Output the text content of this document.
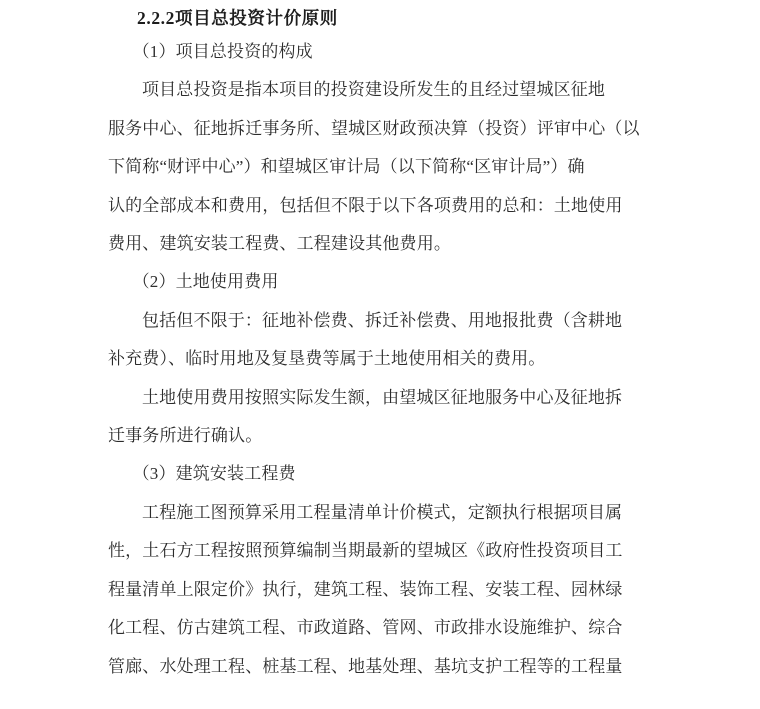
2.2.2项目总投资计价原则
（1）项目总投资的构成
项目总投资是指本项目的投资建设所发生的且经过望城区征地
服务中心、征地拆迁事务所、望城区财政预决算（投资）评审中心（以
下简称“财评中心”）和望城区审计局（以下简称“区审计局”）确
认的全部成本和费用，包括但不限于以下各项费用的总和：土地使用
费用、建筑安装工程费、工程建设其他费用。
（2）土地使用费用
包括但不限于：征地补偿费、拆迁补偿费、用地报批费（含耕地
补充费）、临时用地及复垦费等属于土地使用相关的费用。
土地使用费用按照实际发生额，由望城区征地服务中心及征地拆
迁事务所进行确认。
（3）建筑安装工程费
工程施工图预算采用工程量清单计价模式，定额执行根据项目属
性，土石方工程按照预算编制当期最新的望城区《政府性投资项目工
程量清单上限定价》执行，建筑工程、装饰工程、安装工程、园林绿
化工程、仿古建筑工程、市政道路、管网、市政排水设施维护、综合
管廊、水处理工程、桩基工程、地基处理、基坑支护工程等的工程量
